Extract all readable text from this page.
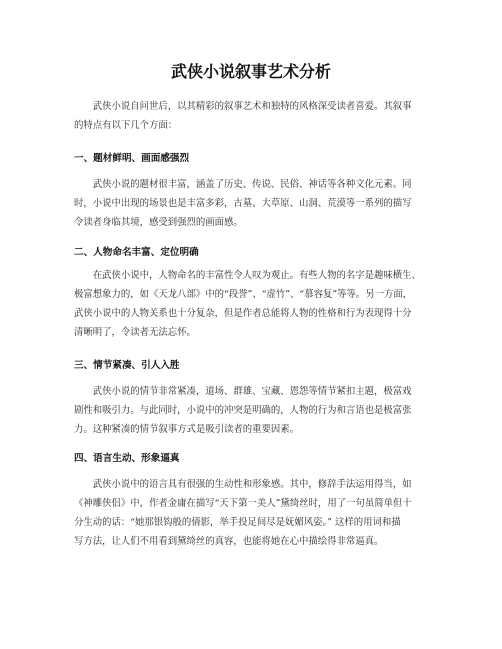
武侠小说叙事艺术分析
　　武侠小说自问世后，以其精彩的叙事艺术和独特的风格深受读者喜爱。其叙事
的特点有以下几个方面：
一、题材鲜明、画面感强烈
　　武侠小说的题材很丰富，涵盖了历史、传说、民俗、神话等各种文化元素。同
时，小说中出现的场景也是丰富多彩，古墓、大草原、山洞、荒漠等一系列的描写
令读者身临其境，感受到强烈的画面感。
二、人物命名丰富、定位明确
　　在武侠小说中，人物命名的丰富性令人叹为观止。有些人物的名字是趣味横生、
极富想象力的，如《天龙八部》中的“段誉”、“虚竹”、“慕容复”等等。另一方面，
武侠小说中的人物关系也十分复杂，但是作者总能将人物的性格和行为表现得十分
清晰明了，令读者无法忘怀。
三、情节紧凑、引人入胜
　　武侠小说的情节非常紧凑，道场、群雄、宝藏、恩怨等情节紧扣主题，极富戏
剧性和吸引力。与此同时，小说中的冲突是明确的，人物的行为和言语也是极富张
力。这种紧凑的情节叙事方式是吸引读者的重要因素。
四、语言生动、形象逼真
　　武侠小说中的语言具有很强的生动性和形象感。其中，修辞手法运用得当，如
《神雕侠侣》中，作者金庸在描写“天下第一美人”黛绮丝时，用了一句虽简单但十
分生动的话：“她那银钩般的倩影，举手投足间尽是妩媚风姿。” 这样的用词和描
写方法，让人们不用看到黛绮丝的真容，也能将她在心中描绘得非常逼真。
